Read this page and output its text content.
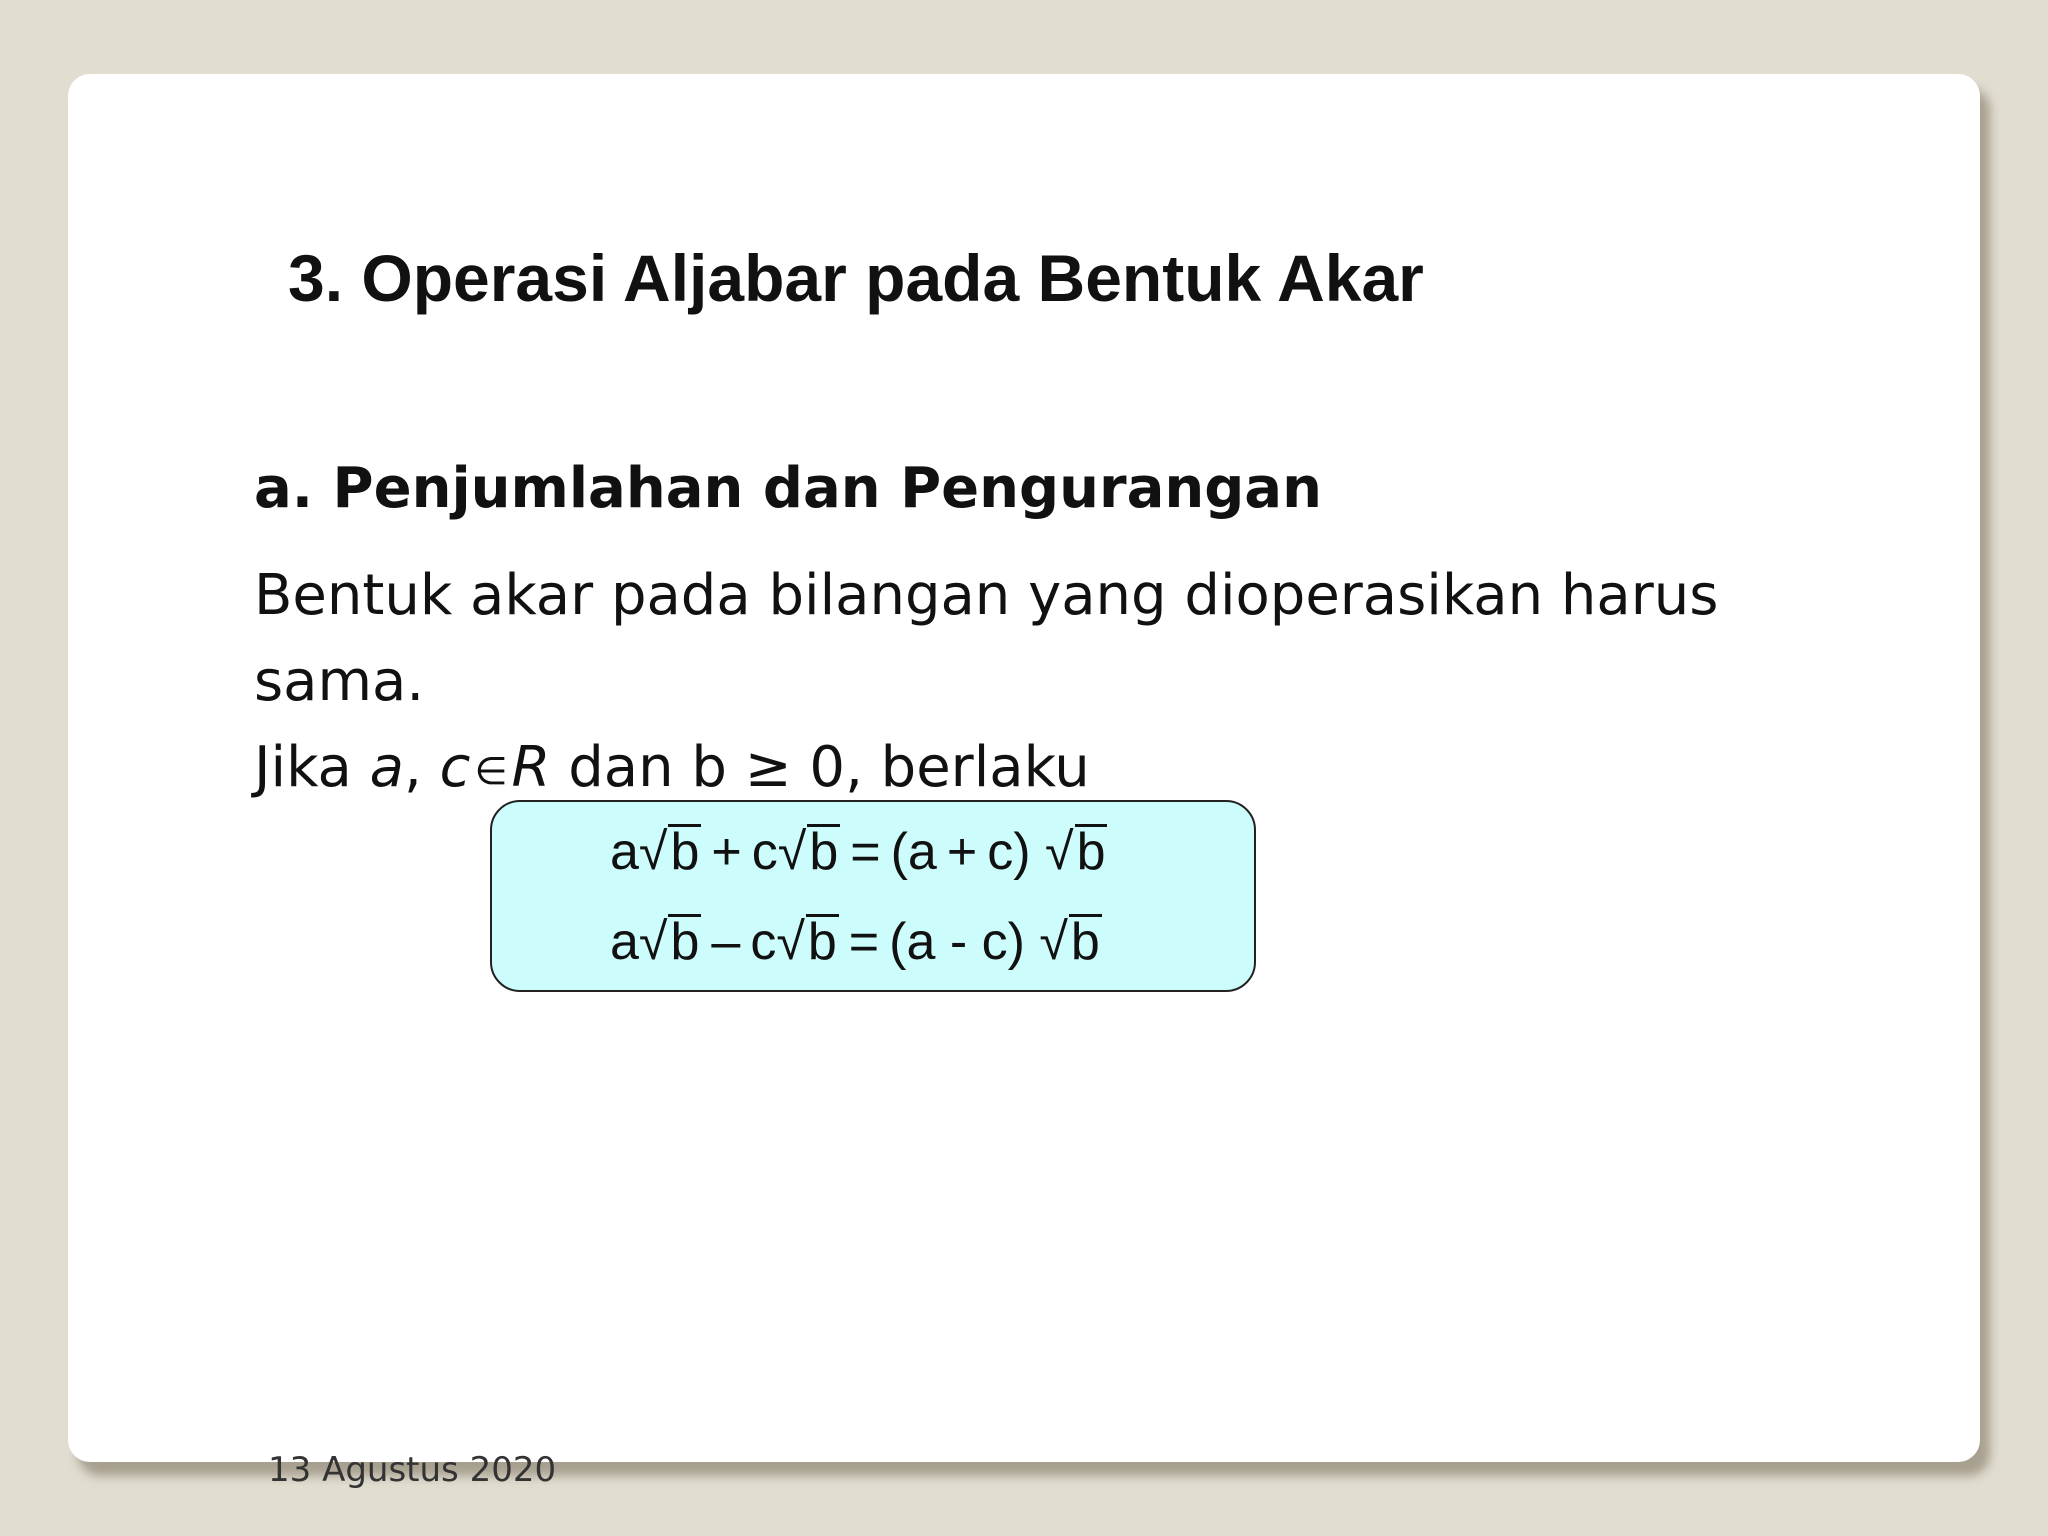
3. Operasi Aljabar pada Bentuk Akar
a. Penjumlahan dan Pengurangan

Bentuk akar pada bilangan yang dioperasikan harus

sama.

Jika a, c ∈R dan b ≥ 0, berlaku

a√b + c√b = (a + c) √b
a√b – c√b = (a - c) √b

13 Agustus 2020
